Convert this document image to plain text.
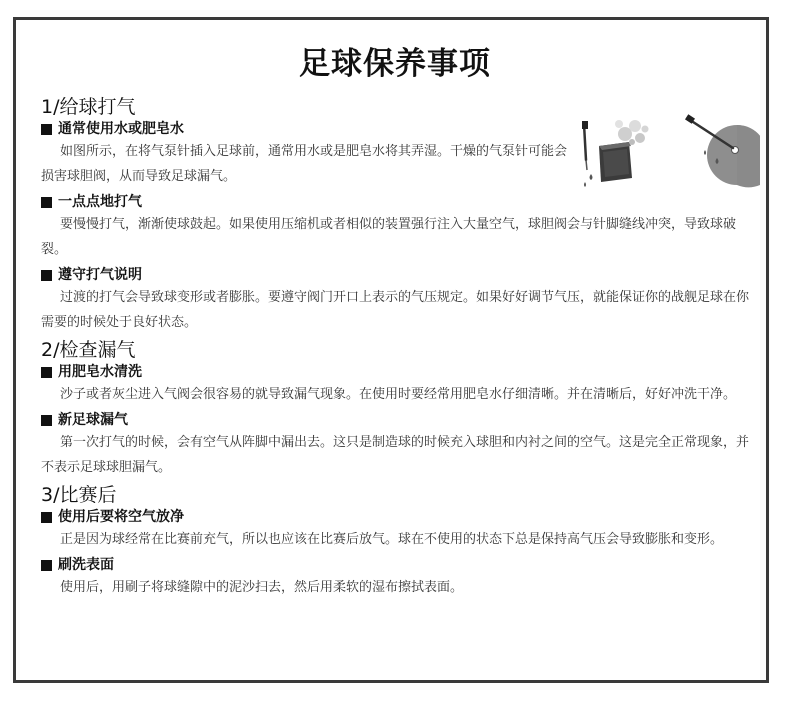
足球保养事项
1/给球打气
通常使用水或肥皂水

如图所示，在将气泵针插入足球前，通常用水或是肥皂水将其弄湿。干燥的气泵针可能会损害球胆阀，从而导致足球漏气。

一点点地打气

要慢慢打气，渐渐使球鼓起。如果使用压缩机或者相似的装置强行注入大量空气，球胆阀会与针脚缝线冲突，导致球破裂。

遵守打气说明

过渡的打气会导致球变形或者膨胀。要遵守阀门开口上表示的气压规定。如果好好调节气压，就能保证你的战舰足球在你需要的时候处于良好状态。

2/检查漏气
用肥皂水清洗

沙子或者灰尘进入气阀会很容易的就导致漏气现象。在使用时要经常用肥皂水仔细清晰。并在清晰后，好好冲洗干净。

新足球漏气

第一次打气的时候，会有空气从阵脚中漏出去。这只是制造球的时候充入球胆和内衬之间的空气。这是完全正常现象，并不表示足球球胆漏气。

3/比赛后
使用后要将空气放净

正是因为球经常在比赛前充气，所以也应该在比赛后放气。球在不使用的状态下总是保持高气压会导致膨胀和变形。

刷洗表面

使用后，用刷子将球缝隙中的泥沙扫去，然后用柔软的湿布擦拭表面。
